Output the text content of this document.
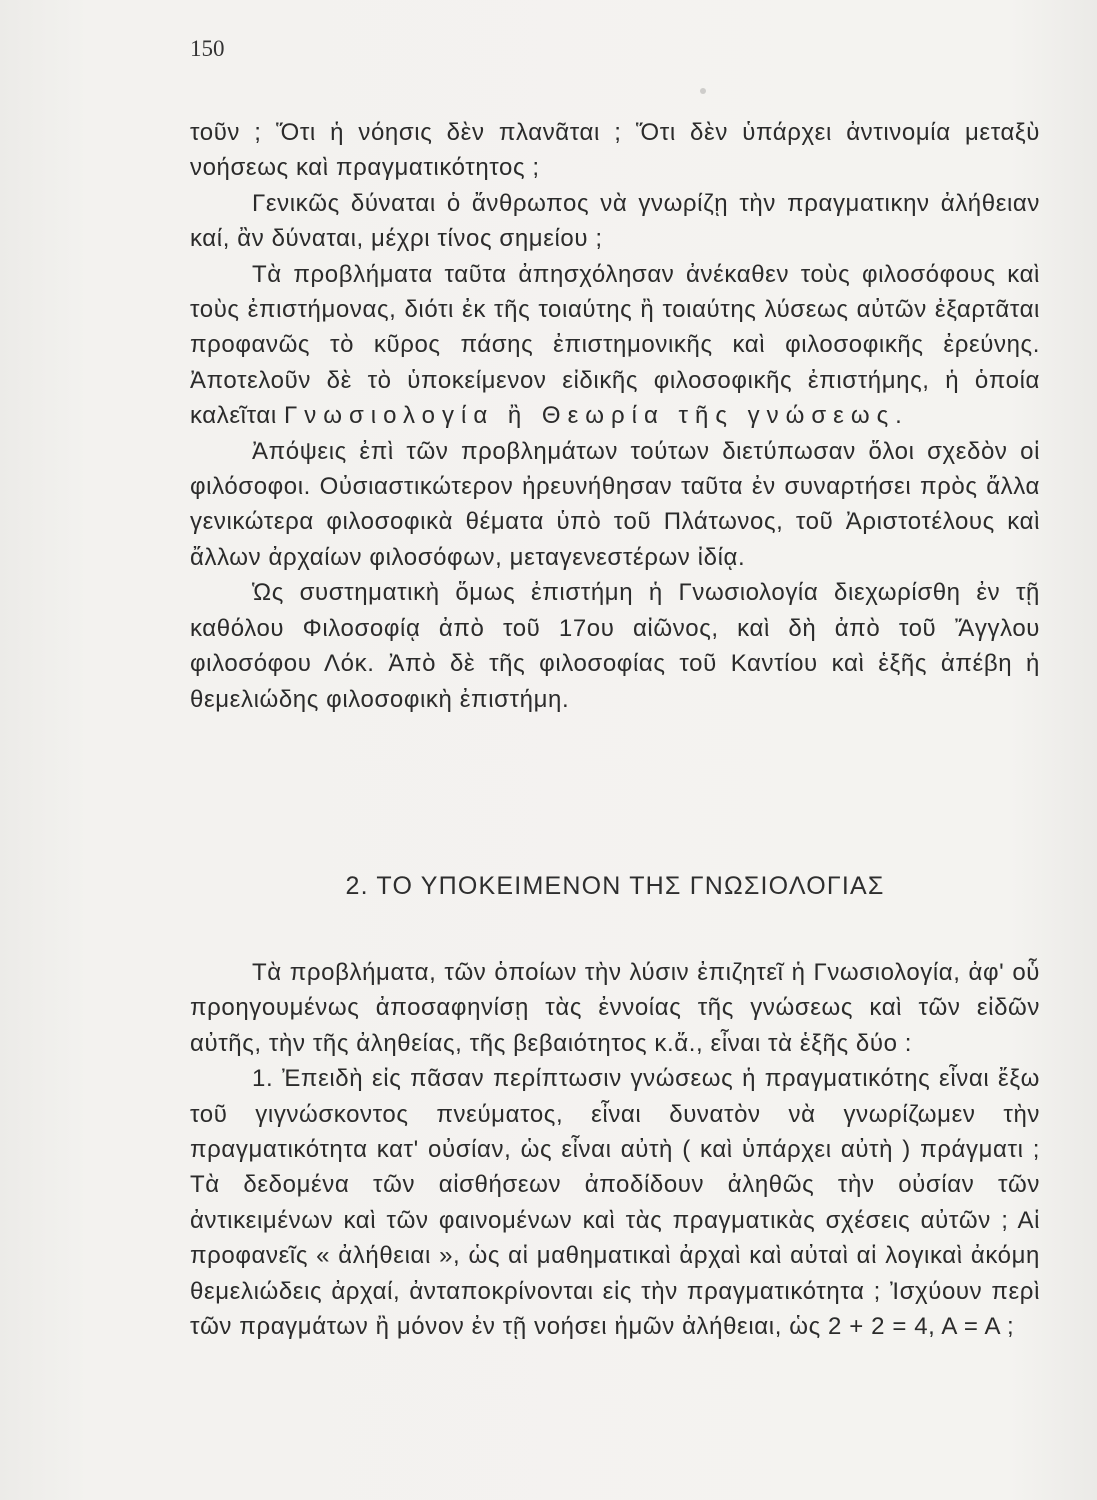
150

τοῦν ; Ὅτι ἡ νόησις δὲν πλανᾶται ; Ὅτι δὲν ὑπάρχει ἀντινομία μεταξὺ νοήσεως καὶ πραγματικότητος ;

Γενικῶς δύναται ὁ ἄνθρωπος νὰ γνωρίζῃ τὴν πραγματικην ἀλήθειαν καί, ἂν δύναται, μέχρι τίνος σημείου ;

Τὰ προβλήματα ταῦτα ἀπησχόλησαν ἀνέκαθεν τοὺς φιλοσόφους καὶ τοὺς ἐπιστήμονας, διότι ἐκ τῆς τοιαύτης ἢ τοιαύτης λύσεως αὐτῶν ἐξαρτᾶται προφανῶς τὸ κῦρος πάσης ἐπιστημονικῆς καὶ φιλοσοφικῆς ἐρεύνης. Ἀποτελοῦν δὲ τὸ ὑποκείμενον εἰδικῆς φιλοσοφικῆς ἐπιστήμης, ἡ ὁποία καλεῖται Γνωσιολογία ἢ Θεωρία τῆς γνώσεως.

Ἀπόψεις ἐπὶ τῶν προβλημάτων τούτων διετύπωσαν ὅλοι σχεδὸν οἱ φιλόσοφοι. Οὐσιαστικώτερον ἠρευνήθησαν ταῦτα ἐν συναρτήσει πρὸς ἄλλα γενικώτερα φιλοσοφικὰ θέματα ὑπὸ τοῦ Πλάτωνος, τοῦ Ἀριστοτέλους καὶ ἄλλων ἀρχαίων φιλοσόφων, μεταγενεστέρων ἰδίᾳ.

Ὡς συστηματικὴ ὅμως ἐπιστήμη ἡ Γνωσιολογία διεχωρίσθη ἐν τῇ καθόλου Φιλοσοφίᾳ ἀπὸ τοῦ 17ου αἰῶνος, καὶ δὴ ἀπὸ τοῦ Ἄγγλου φιλοσόφου Λόκ. Ἀπὸ δὲ τῆς φιλοσοφίας τοῦ Καντίου καὶ ἑξῆς ἀπέβη ἡ θεμελιώδης φιλοσοφικὴ ἐπιστήμη.

2. ΤΟ ΥΠΟΚΕΙΜΕΝΟΝ ΤΗΣ ΓΝΩΣΙΟΛΟΓΙΑΣ

Τὰ προβλήματα, τῶν ὁποίων τὴν λύσιν ἐπιζητεῖ ἡ Γνωσιολογία, ἀφ' οὗ προηγουμένως ἀποσαφηνίσῃ τὰς ἐννοίας τῆς γνώσεως καὶ τῶν εἰδῶν αὐτῆς, τὴν τῆς ἀληθείας, τῆς βεβαιότητος κ.ἄ., εἶναι τὰ ἑξῆς δύο :

1. Ἐπειδὴ εἰς πᾶσαν περίπτωσιν γνώσεως ἡ πραγματικότης εἶναι ἔξω τοῦ γιγνώσκοντος πνεύματος, εἶναι δυνατὸν νὰ γνωρίζωμεν τὴν πραγματικότητα κατ' οὐσίαν, ὡς εἶναι αὐτὴ ( καὶ ὑπάρχει αὐτὴ ) πράγματι ; Τὰ δεδομένα τῶν αἰσθήσεων ἀποδίδουν ἀληθῶς τὴν οὐσίαν τῶν ἀντικειμένων καὶ τῶν φαινομένων καὶ τὰς πραγματικὰς σχέσεις αὐτῶν ; Αἱ προφανεῖς « ἀλήθειαι », ὡς αἱ μαθηματικαὶ ἀρχαὶ καὶ αὐταὶ αἱ λογικαὶ ἀκόμη θεμελιώδεις ἀρχαί, ἀνταποκρίνονται εἰς τὴν πραγματικότητα ; Ἰσχύουν περὶ τῶν πραγμάτων ἢ μόνον ἐν τῇ νοήσει ἡμῶν ἀλήθειαι, ὡς 2 + 2 = 4, Α = Α ;
